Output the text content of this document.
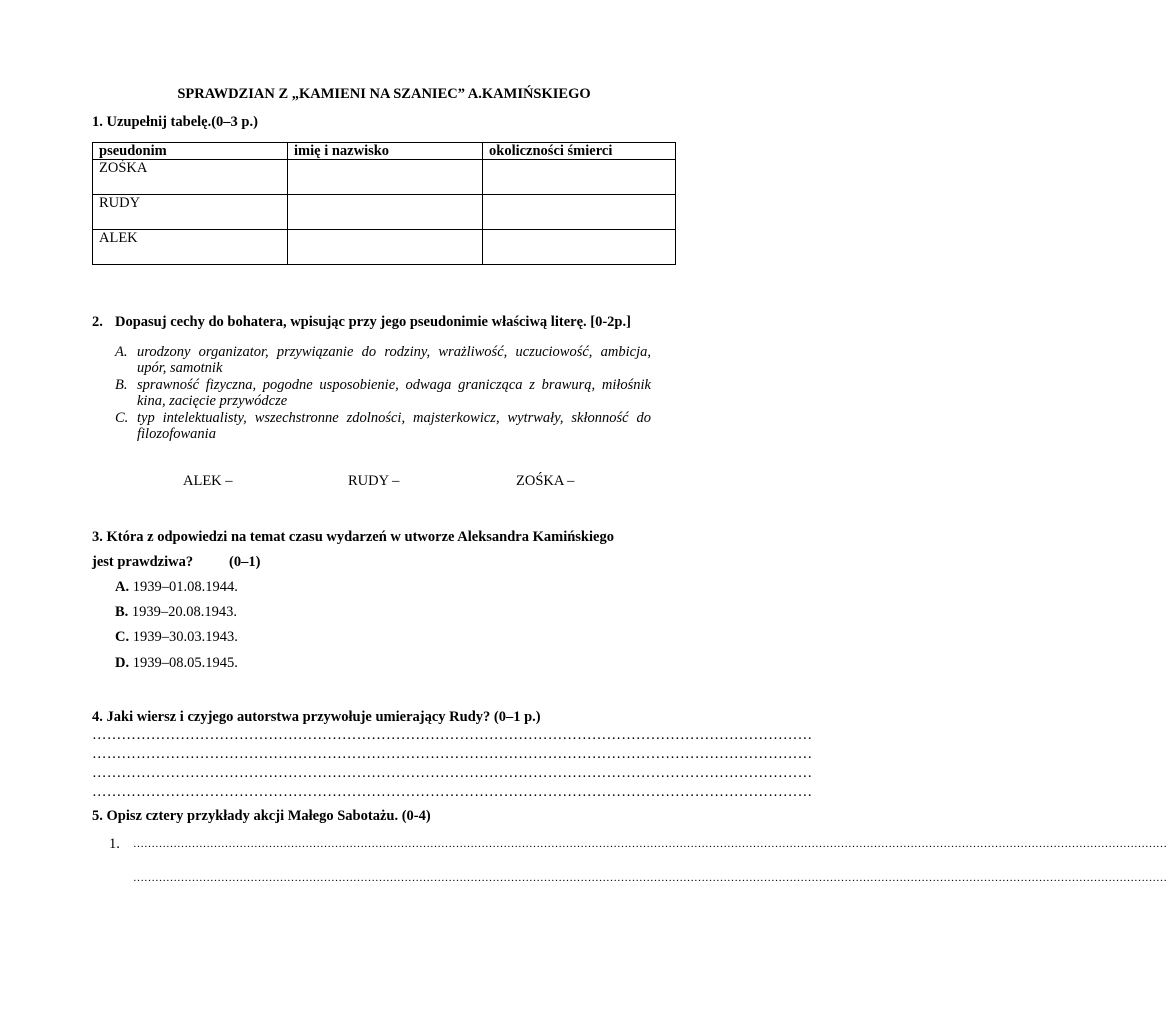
SPRAWDZIAN Z „KAMIENI NA SZANIEC” A.KAMIŃSKIEGO
1. Uzupełnij tabelę.(0–3 p.)
pseudonim	imię i nazwisko	okoliczności śmierci
ZOŚKA		
RUDY		
ALEK		
2. Dopasuj cechy do bohatera, wpisując przy jego pseudonimie właściwą literę. [0-2p.]
A. urodzony organizator, przywiązanie do rodziny, wrażliwość, uczuciowość, ambicja, upór, samotnik
B. sprawność fizyczna, pogodne usposobienie, odwaga granicząca z brawurą, miłośnik kina, zacięcie przywódcze
C. typ intelektualisty, wszechstronne zdolności, majsterkowicz, wytrwały, skłonność do filozofowania
ALEK –	RUDY –	ZOŚKA –
3. Która z odpowiedzi na temat czasu wydarzeń w utworze Aleksandra Kamińskiego
jest prawdziwa? (0–1)
A. 1939–01.08.1944.
B. 1939–20.08.1943.
C. 1939–30.03.1943.
D. 1939–08.05.1945.
4. Jaki wiersz i czyjego autorstwa przywołuje umierający Rudy? (0–1 p.)
…………………………………………………………………………………………………………………………………
…………………………………………………………………………………………………………………………………
…………………………………………………………………………………………………………………………………
…………………………………………………………………………………………………………………………………
5. Opisz cztery przykłady akcji Małego Sabotażu. (0-4)
1. …………………………………………………………………………………………………………………………………………………………………………………………………………………………………………………………
…………………………………………………………………………………………………………………………………………………………………………………………………………………………………………………………
